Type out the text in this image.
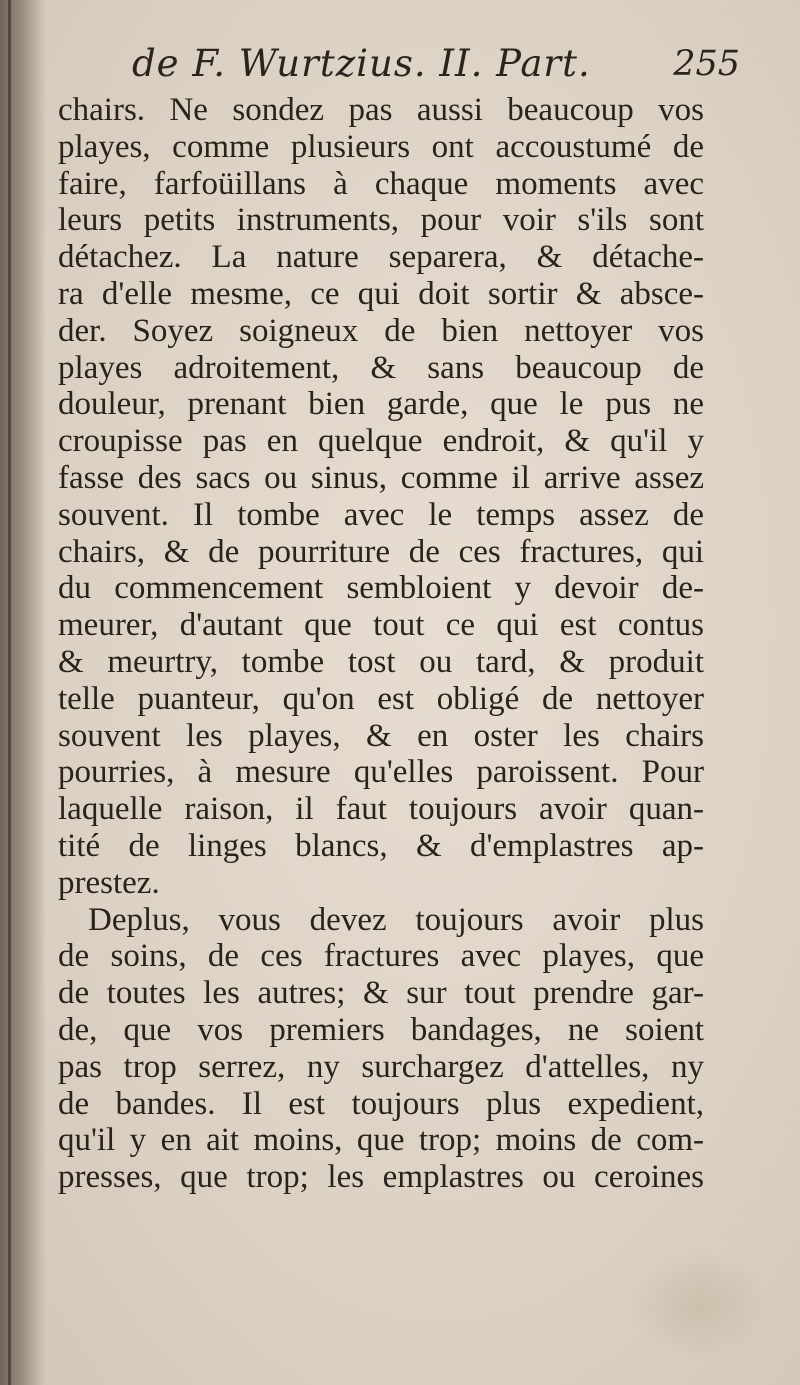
de F. Wurtzius. II. Part. 255
chairs. Ne sondez pas aussi beaucoup vos
playes, comme plusieurs ont accoustumé de
faire, farfoüillans à chaque moments avec
leurs petits instruments, pour voir s'ils sont
détachez. La nature separera, & détache-
ra d'elle mesme, ce qui doit sortir & absce-
der. Soyez soigneux de bien nettoyer vos
playes adroitement, & sans beaucoup de
douleur, prenant bien garde, que le pus ne
croupisse pas en quelque endroit, & qu'il y
fasse des sacs ou sinus, comme il arrive assez
souvent. Il tombe avec le temps assez de
chairs, & de pourriture de ces fractures, qui
du commencement sembloient y devoir de-
meurer, d'autant que tout ce qui est contus
& meurtry, tombe tost ou tard, & produit
telle puanteur, qu'on est obligé de nettoyer
souvent les playes, & en oster les chairs
pourries, à mesure qu'elles paroissent. Pour
laquelle raison, il faut toujours avoir quan-
tité de linges blancs, & d'emplastres ap-
prestez.
Deplus, vous devez toujours avoir plus
de soins, de ces fractures avec playes, que
de toutes les autres; & sur tout prendre gar-
de, que vos premiers bandages, ne soient
pas trop serrez, ny surchargez d'attelles, ny
de bandes. Il est toujours plus expedient,
qu'il y en ait moins, que trop; moins de com-
presses, que trop; les emplastres ou ceroines
